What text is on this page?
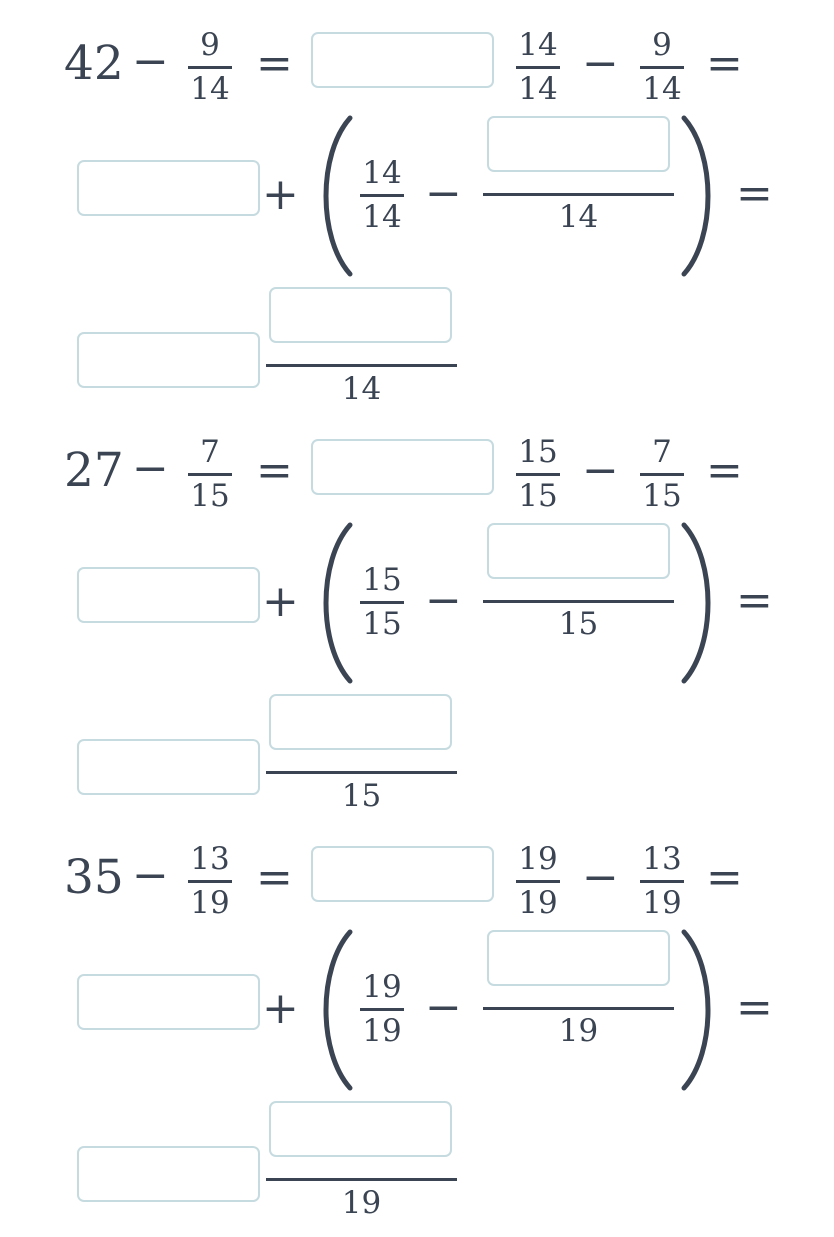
42 −	9
14 =	14
14 −	9
14 =
+ 14
14 −	14	=
14
27 −	7
15 =	15
15 −	7
15 =
+ 15
15 −	15	=
15
35 − 13
19 =	19
19 − 13
19 =
+ 19
19 −	19	=
19
